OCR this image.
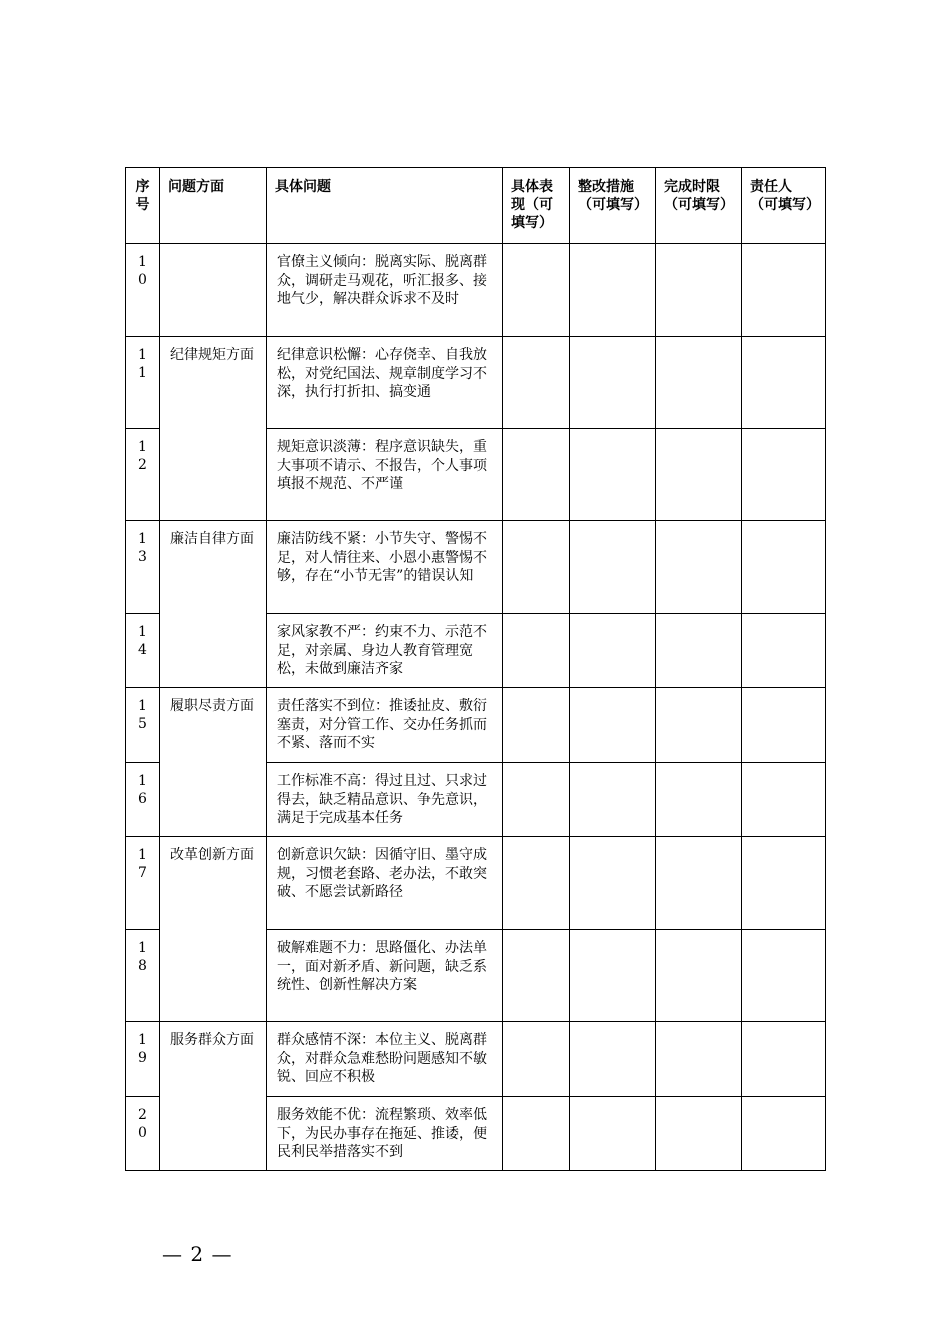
序
号	问题方面	具体问题	具体表现（可填写）	整改措施（可填写）	完成时限（可填写）	责任人（可填写）

1
0		官僚主义倾向：脱离实际、脱离群众，调研走马观花，听汇报多、接地气少，解决群众诉求不及时				

1
1	纪律规矩方面	纪律意识松懈：心存侥幸、自我放松，对党纪国法、规章制度学习不深，执行打折扣、搞变通				

1
2		规矩意识淡薄：程序意识缺失，重大事项不请示、不报告，个人事项填报不规范、不严谨				

1
3	廉洁自律方面	廉洁防线不紧：小节失守、警惕不足，对人情往来、小恩小惠警惕不够，存在“小节无害”的错误认知				

1
4		家风家教不严：约束不力、示范不足，对亲属、身边人教育管理宽松，未做到廉洁齐家				

1
5	履职尽责方面	责任落实不到位：推诿扯皮、敷衍塞责，对分管工作、交办任务抓而不紧、落而不实				

1
6		工作标准不高：得过且过、只求过得去，缺乏精品意识、争先意识，满足于完成基本任务				

1
7	改革创新方面	创新意识欠缺：因循守旧、墨守成规，习惯老套路、老办法，不敢突破、不愿尝试新路径				

1
8		破解难题不力：思路僵化、办法单一，面对新矛盾、新问题，缺乏系统性、创新性解决方案				

1
9	服务群众方面	群众感情不深：本位主义、脱离群众，对群众急难愁盼问题感知不敏锐、回应不积极				

2
0		服务效能不优：流程繁琐、效率低下，为民办事存在拖延、推诿，便民利民举措落实不到				

— 2 —
